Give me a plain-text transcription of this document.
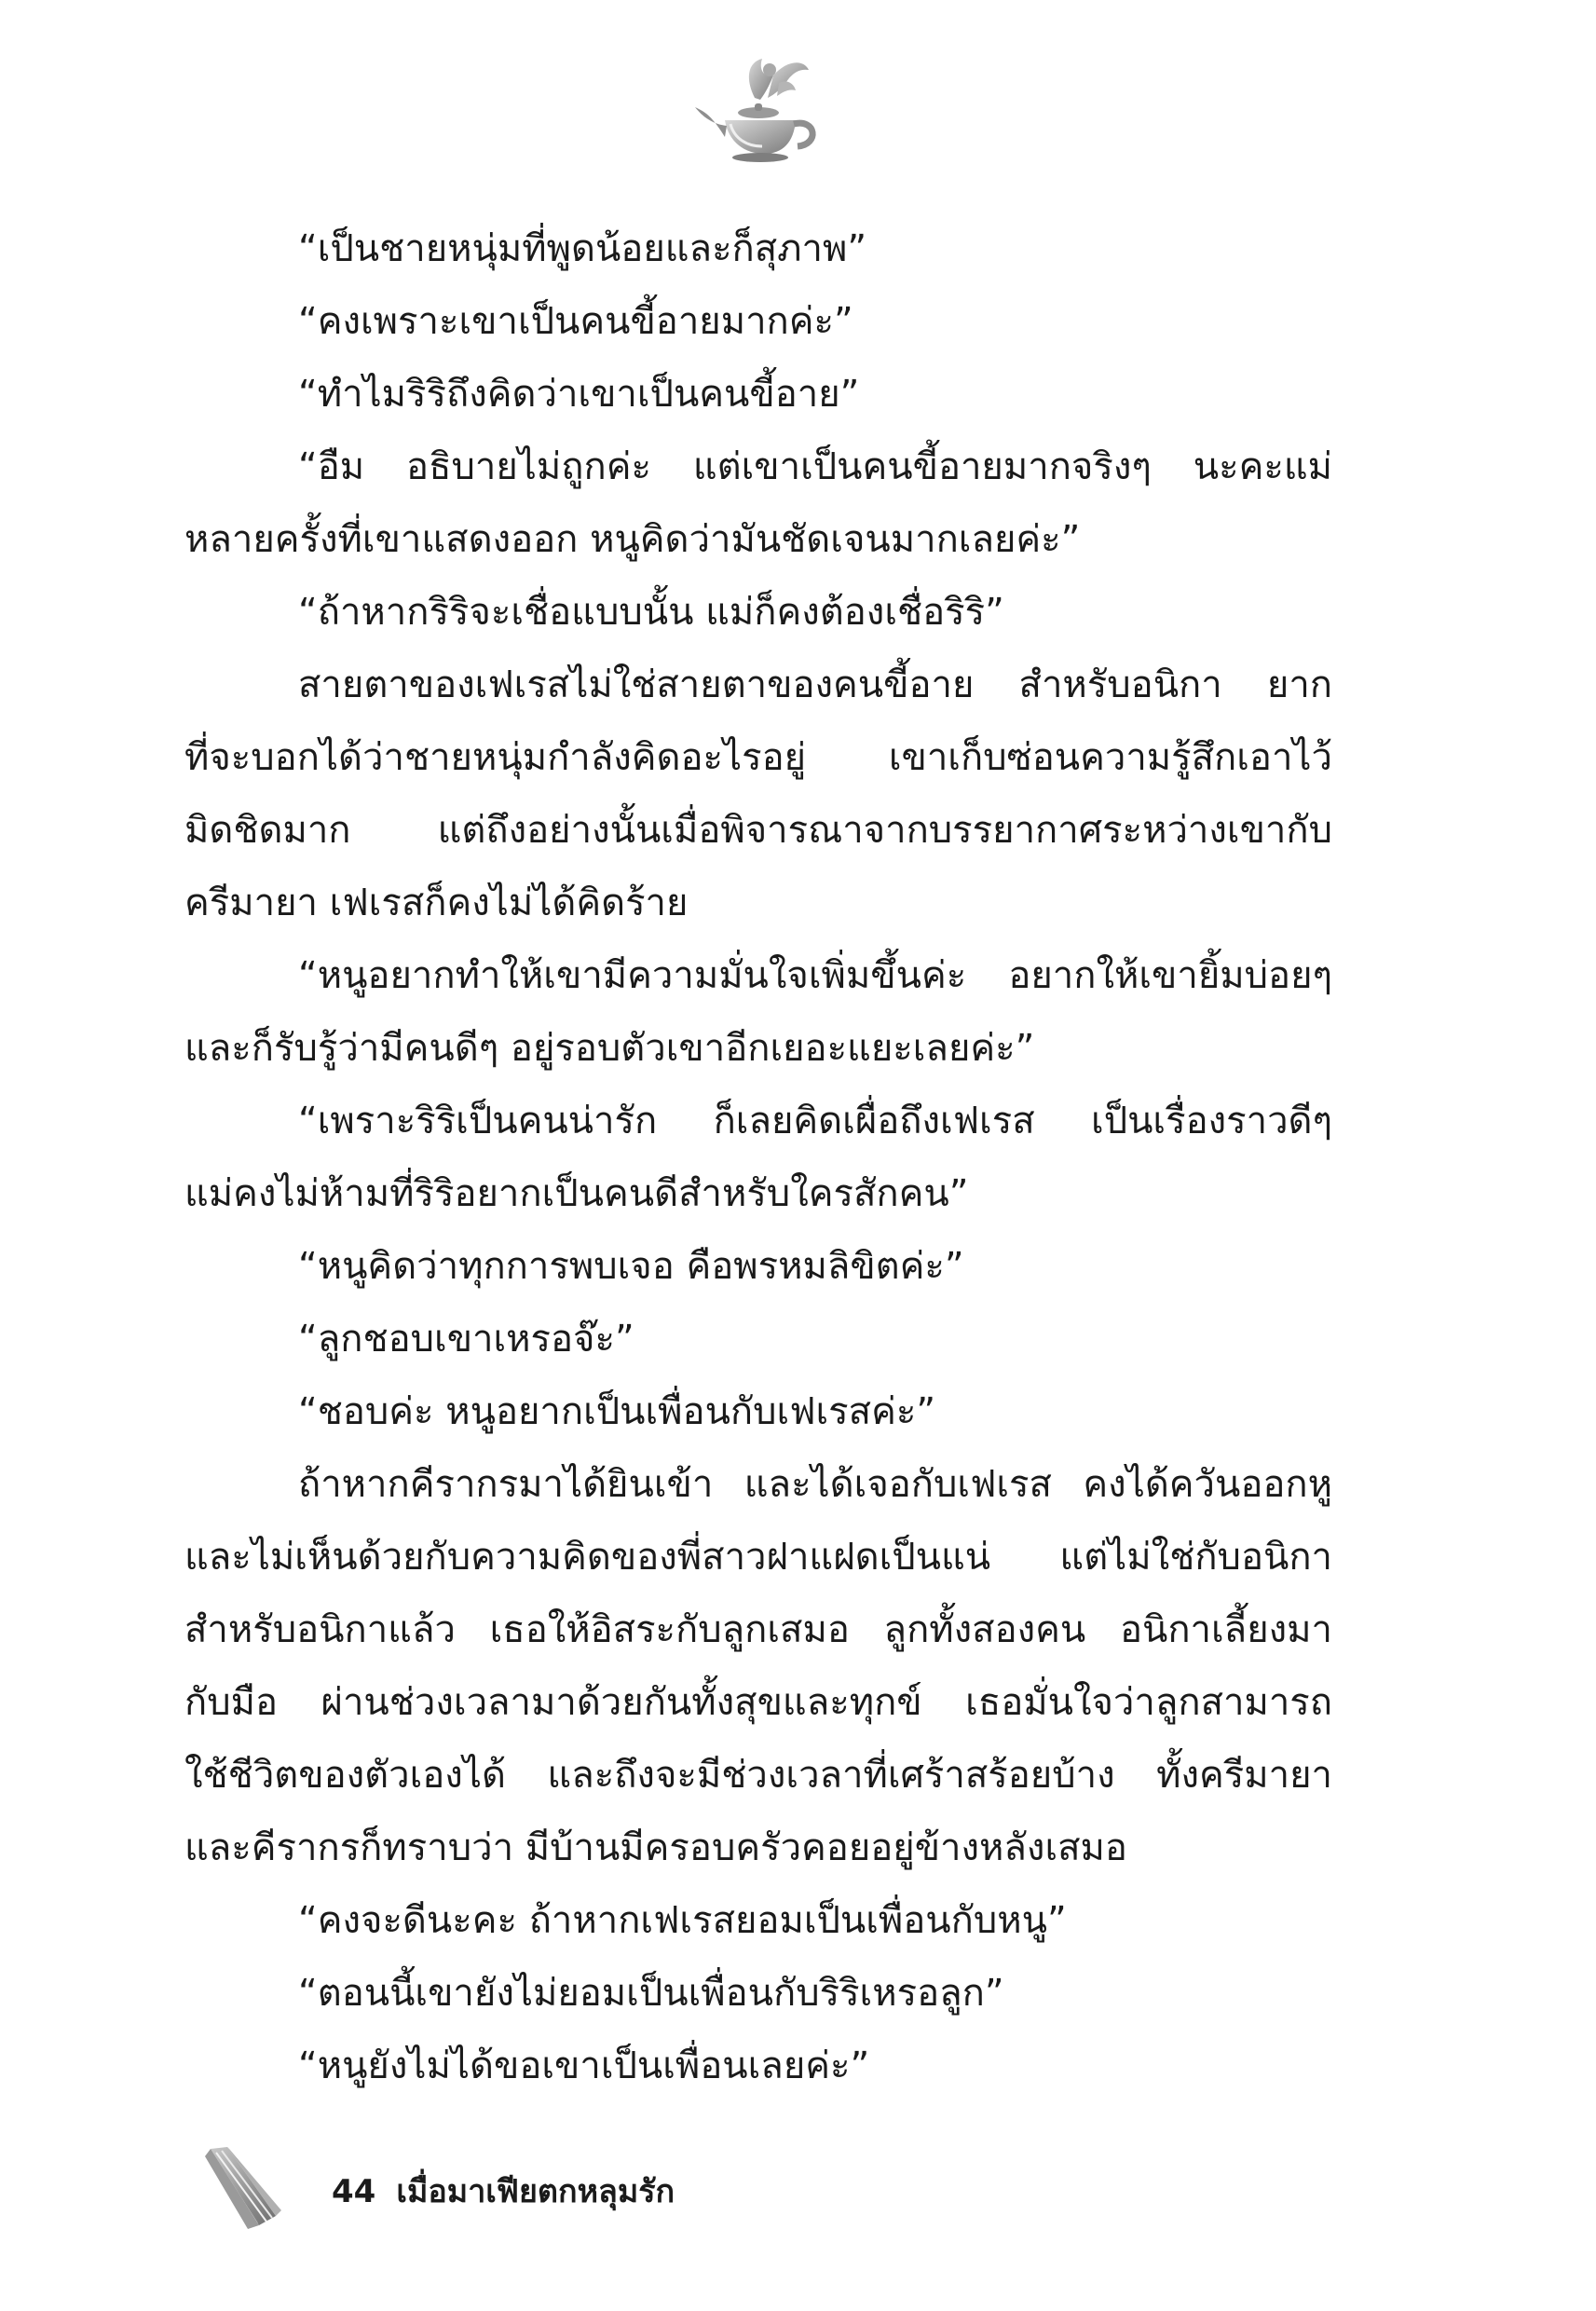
“เป็นชายหนุ่มที่พูดน้อยและก็สุภาพ”
“คงเพราะเขาเป็นคนขี้อายมากค่ะ”
“ทำไมริริถึงคิดว่าเขาเป็นคนขี้อาย”
“อืม อธิบายไม่ถูกค่ะ แต่เขาเป็นคนขี้อายมากจริงๆ นะคะแม่
หลายครั้งที่เขาแสดงออก หนูคิดว่ามันชัดเจนมากเลยค่ะ”
“ถ้าหากริริจะเชื่อแบบนั้น แม่ก็คงต้องเชื่อริริ”
สายตาของเฟเรสไม่ใช่สายตาของคนขี้อาย สำหรับอนิกา ยาก
ที่จะบอกได้ว่าชายหนุ่มกำลังคิดอะไรอยู่ เขาเก็บซ่อนความรู้สึกเอาไว้
มิดชิดมาก แต่ถึงอย่างนั้นเมื่อพิจารณาจากบรรยากาศระหว่างเขากับ
ครีมายา เฟเรสก็คงไม่ได้คิดร้าย
“หนูอยากทำให้เขามีความมั่นใจเพิ่มขึ้นค่ะ อยากให้เขายิ้มบ่อยๆ
และก็รับรู้ว่ามีคนดีๆ อยู่รอบตัวเขาอีกเยอะแยะเลยค่ะ”
“เพราะริริเป็นคนน่ารัก ก็เลยคิดเผื่อถึงเฟเรส เป็นเรื่องราวดีๆ
แม่คงไม่ห้ามที่ริริอยากเป็นคนดีสำหรับใครสักคน”
“หนูคิดว่าทุกการพบเจอ คือพรหมลิขิตค่ะ”
“ลูกชอบเขาเหรอจ๊ะ”
“ชอบค่ะ หนูอยากเป็นเพื่อนกับเฟเรสค่ะ”
ถ้าหากคีรากรมาได้ยินเข้า และได้เจอกับเฟเรส คงได้ควันออกหู
และไม่เห็นด้วยกับความคิดของพี่สาวฝาแฝดเป็นแน่ แต่ไม่ใช่กับอนิกา
สำหรับอนิกาแล้ว เธอให้อิสระกับลูกเสมอ ลูกทั้งสองคน อนิกาเลี้ยงมา
กับมือ ผ่านช่วงเวลามาด้วยกันทั้งสุขและทุกข์ เธอมั่นใจว่าลูกสามารถ
ใช้ชีวิตของตัวเองได้ และถึงจะมีช่วงเวลาที่เศร้าสร้อยบ้าง ทั้งครีมายา
และคีรากรก็ทราบว่า มีบ้านมีครอบครัวคอยอยู่ข้างหลังเสมอ
“คงจะดีนะคะ ถ้าหากเฟเรสยอมเป็นเพื่อนกับหนู”
“ตอนนี้เขายังไม่ยอมเป็นเพื่อนกับริริเหรอลูก”
“หนูยังไม่ได้ขอเขาเป็นเพื่อนเลยค่ะ”
44 เมื่อมาเฟียตกหลุมรัก
